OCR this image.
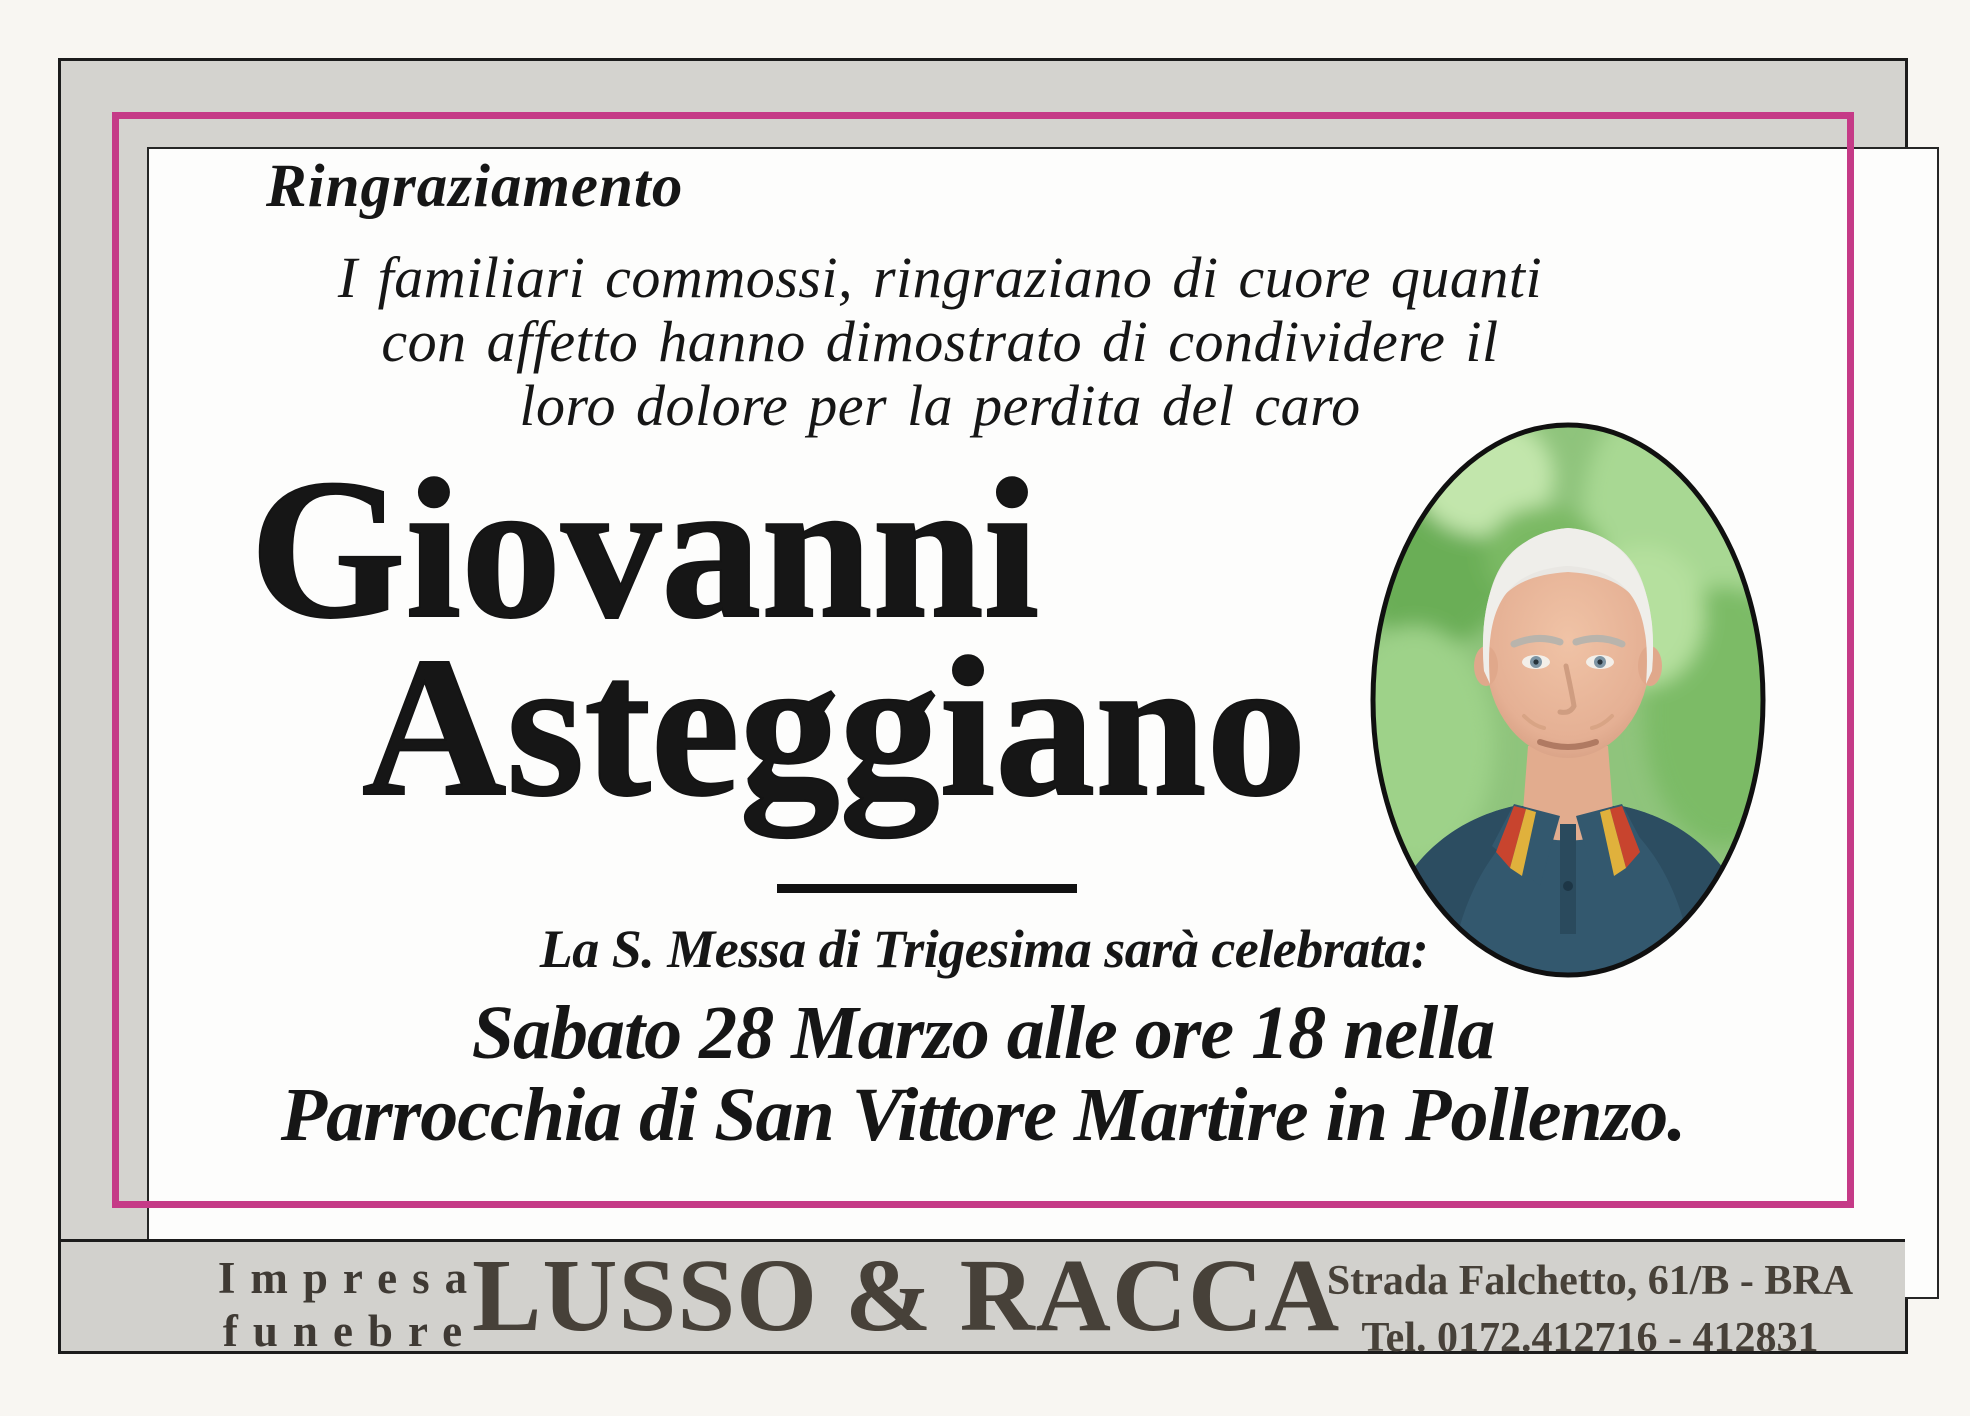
Ringraziamento
I familiari commossi, ringraziano di cuore quanti
con affetto hanno dimostrato di condividere il
loro dolore per la perdita del caro
Giovanni
Asteggiano
La S. Messa di Trigesima sarà celebrata:
Sabato 28 Marzo alle ore 18 nella
Parrocchia di San Vittore Martire in Pollenzo.
Impresa
funebre
LUSSO & RACCA
Strada Falchetto, 61/B - BRA
Tel. 0172.412716 - 412831
